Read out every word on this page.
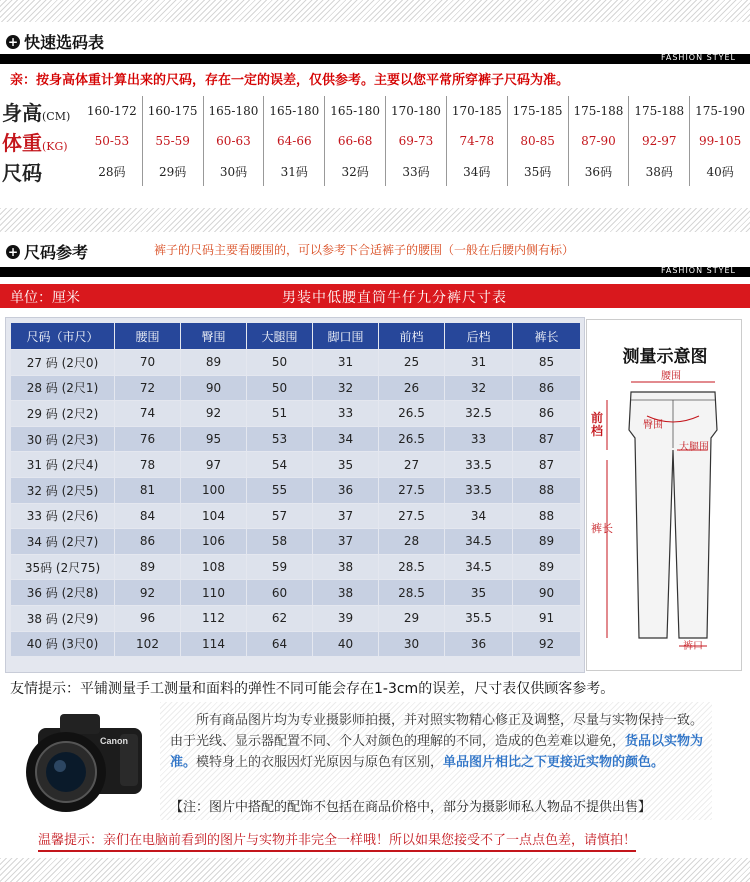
+ 快速选码表
FASHION STYEL
亲：按身高体重计算出来的尺码，存在一定的误差，仅供参考。主要以您平常所穿裤子尺码为准。
身高(CM)	160-172	160-175	165-180	165-180	165-180	170-180	170-185	175-185	175-188	175-188	175-190
体重(KG)	50-53	55-59	60-63	64-66	66-68	69-73	74-78	80-85	87-90	92-97	99-105
尺码	28码	29码	30码	31码	32码	33码	34码	35码	36码	38码	40码
+ 尺码参考	裤子的尺码主要看腰围的，可以参考下合适裤子的腰围（一般在后腰内侧有标）
FASHION STYEL
单位：厘米	男装中低腰直筒牛仔九分裤尺寸表
尺码（市尺）	腰围	臀围	大腿围	脚口围	前档	后档	裤长
27 码 (2尺0)	70	89	50	31	25	31	85
28 码 (2尺1)	72	90	50	32	26	32	86
29 码 (2尺2)	74	92	51	33	26.5	32.5	86
30 码 (2尺3)	76	95	53	34	26.5	33	87
31 码 (2尺4)	78	97	54	35	27	33.5	87
32 码 (2尺5)	81	100	55	36	27.5	33.5	88
33 码 (2尺6)	84	104	57	37	27.5	34	88
34 码 (2尺7)	86	106	58	37	28	34.5	89
35码 (2尺75)	89	108	59	38	28.5	34.5	89
36 码 (2尺8)	92	110	60	38	28.5	35	90
38 码 (2尺9)	96	112	62	39	29	35.5	91
40 码 (3尺0)	102	114	64	40	30	36	92
测量示意图
腰围
臀围
前档
大腿围
裤长
裤口
友情提示：平铺测量手工测量和面料的弹性不同可能会存在1-3cm的误差，尺寸表仅供顾客参考。
Canon
所有商品图片均为专业摄影师拍摄，并对照实物精心修正及调整，尽量与实物保持一致。由于光线、显示器配置不同、个人对颜色的理解的不同，造成的色差难以避免，货品以实物为准。模特身上的衣服因灯光原因与原色有区别，单品图片相比之下更接近实物的颜色。
【注：图片中搭配的配饰不包括在商品价格中，部分为摄影师私人物品不提供出售】
温馨提示：亲们在电脑前看到的图片与实物并非完全一样哦！所以如果您接受不了一点点色差，请慎拍！
